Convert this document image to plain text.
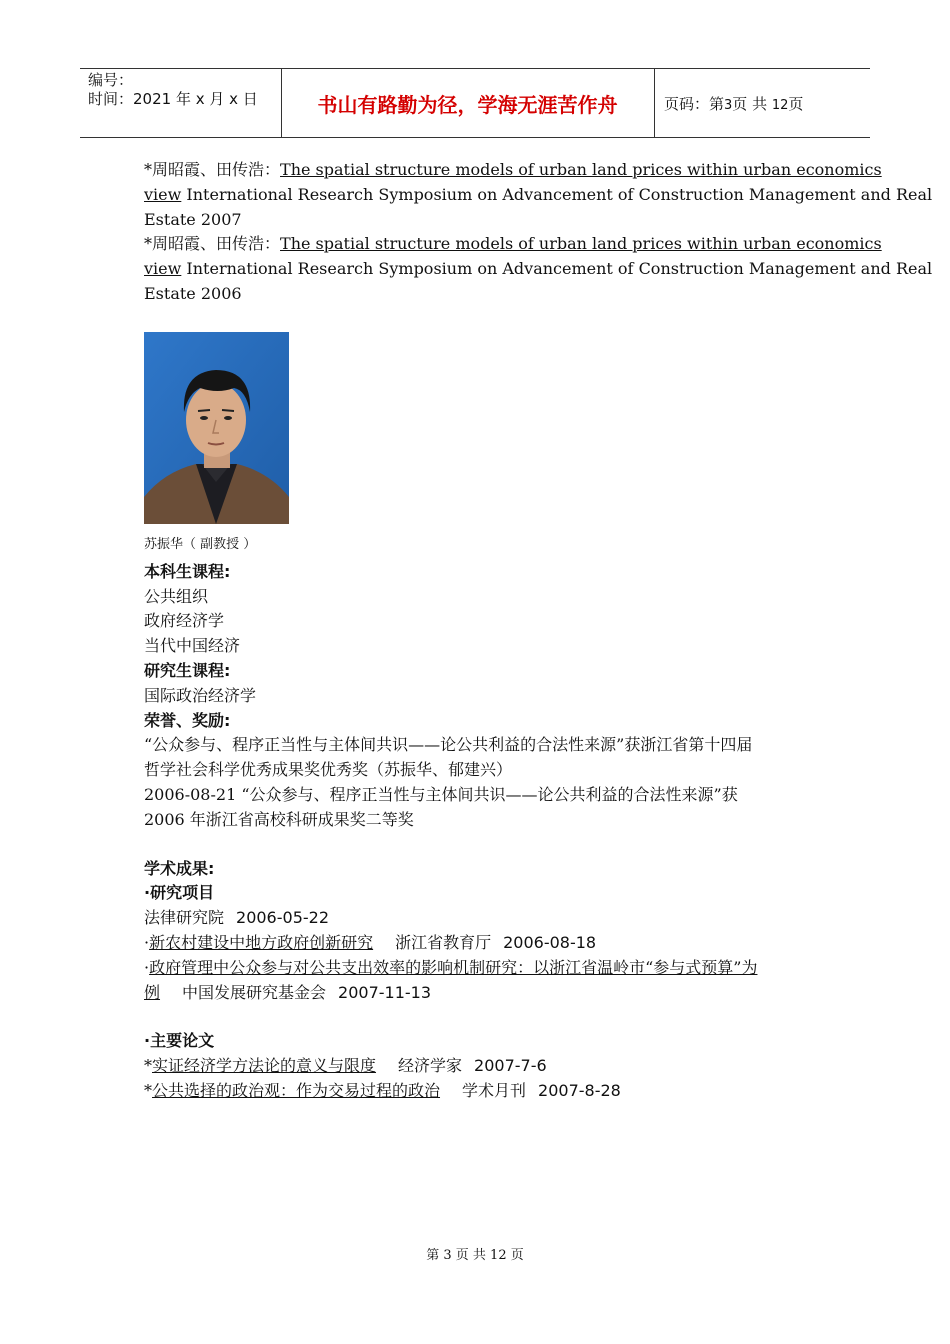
编号：
时间：2021 年 x 月 x 日	书山有路勤为径，学海无涯苦作舟	页码：第3页 共 12页
*周昭霞、田传浩：The spatial structure models of urban land prices within urban economics
view International Research Symposium on Advancement of Construction Management and Real
Estate 2007
*周昭霞、田传浩：The spatial structure models of urban land prices within urban economics
view International Research Symposium on Advancement of Construction Management and Real
Estate 2006
苏振华（ 副教授 ）
本科生课程:
公共组织
政府经济学
当代中国经济
研究生课程:
国际政治经济学
荣誉、奖励:
“公众参与、程序正当性与主体间共识——论公共利益的合法性来源”获浙江省第十四届
哲学社会科学优秀成果奖优秀奖（苏振华、郁建兴）
2006-08-21 “公众参与、程序正当性与主体间共识——论公共利益的合法性来源”获
2006 年浙江省高校科研成果奖二等奖
学术成果:
·研究项目
法律研究院 2006-05-22
·新农村建设中地方政府创新研究 浙江省教育厅 2006-08-18
·政府管理中公众参与对公共支出效率的影响机制研究：以浙江省温岭市“参与式预算”为
例 中国发展研究基金会 2007-11-13
·主要论文
*实证经济学方法论的意义与限度 经济学家 2007-7-6
*公共选择的政治观：作为交易过程的政治 学术月刊 2007-8-28
第 3 页 共 12 页
